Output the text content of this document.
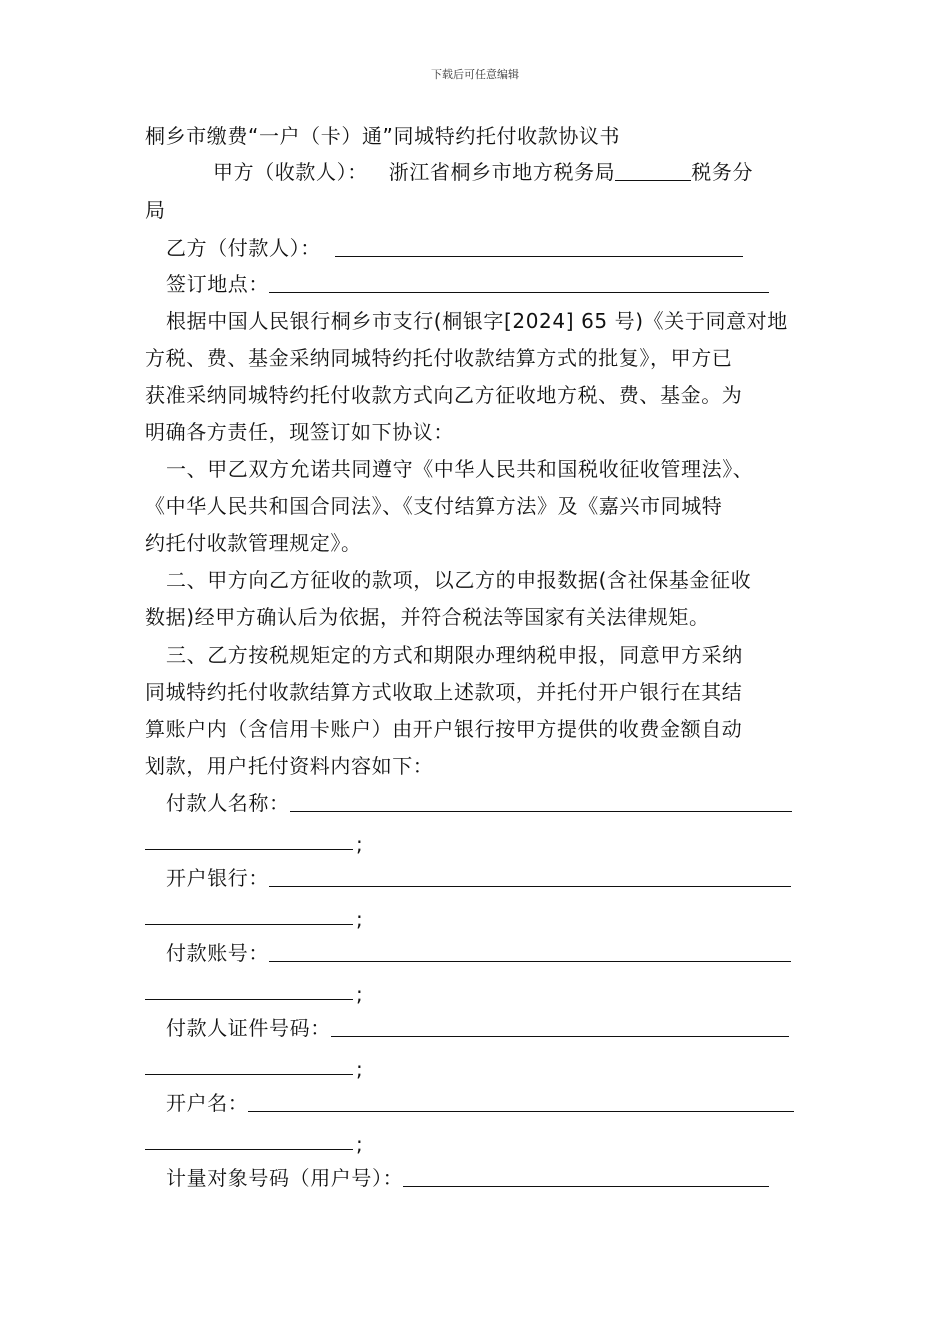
下载后可任意编辑
桐乡市缴费“一户（卡）通”同城特约托付收款协议书
甲方（收款人）： 浙江省桐乡市地方税务局	税务分
局
乙方（付款人）：
签订地点：
根据中国人民银行桐乡市支行(桐银字[2024] 65 号)《关于同意对地
方税、费、基金采纳同城特约托付收款结算方式的批复》，甲方已
获准采纳同城特约托付收款方式向乙方征收地方税、费、基金。为
明确各方责任，现签订如下协议：
一、甲乙双方允诺共同遵守《中华人民共和国税收征收管理法》、
《中华人民共和国合同法》、《支付结算方法》及《嘉兴市同城特
约托付收款管理规定》。
二、甲方向乙方征收的款项，以乙方的申报数据(含社保基金征收
数据)经甲方确认后为依据，并符合税法等国家有关法律规矩。
三、乙方按税规矩定的方式和期限办理纳税申报，同意甲方采纳
同城特约托付收款结算方式收取上述款项，并托付开户银行在其结
算账户内（含信用卡账户）由开户银行按甲方提供的收费金额自动
划款，用户托付资料内容如下：
付款人名称：
;
开户银行：
;
付款账号：
;
付款人证件号码：
;
开户名：
;
计量对象号码（用户号）：
